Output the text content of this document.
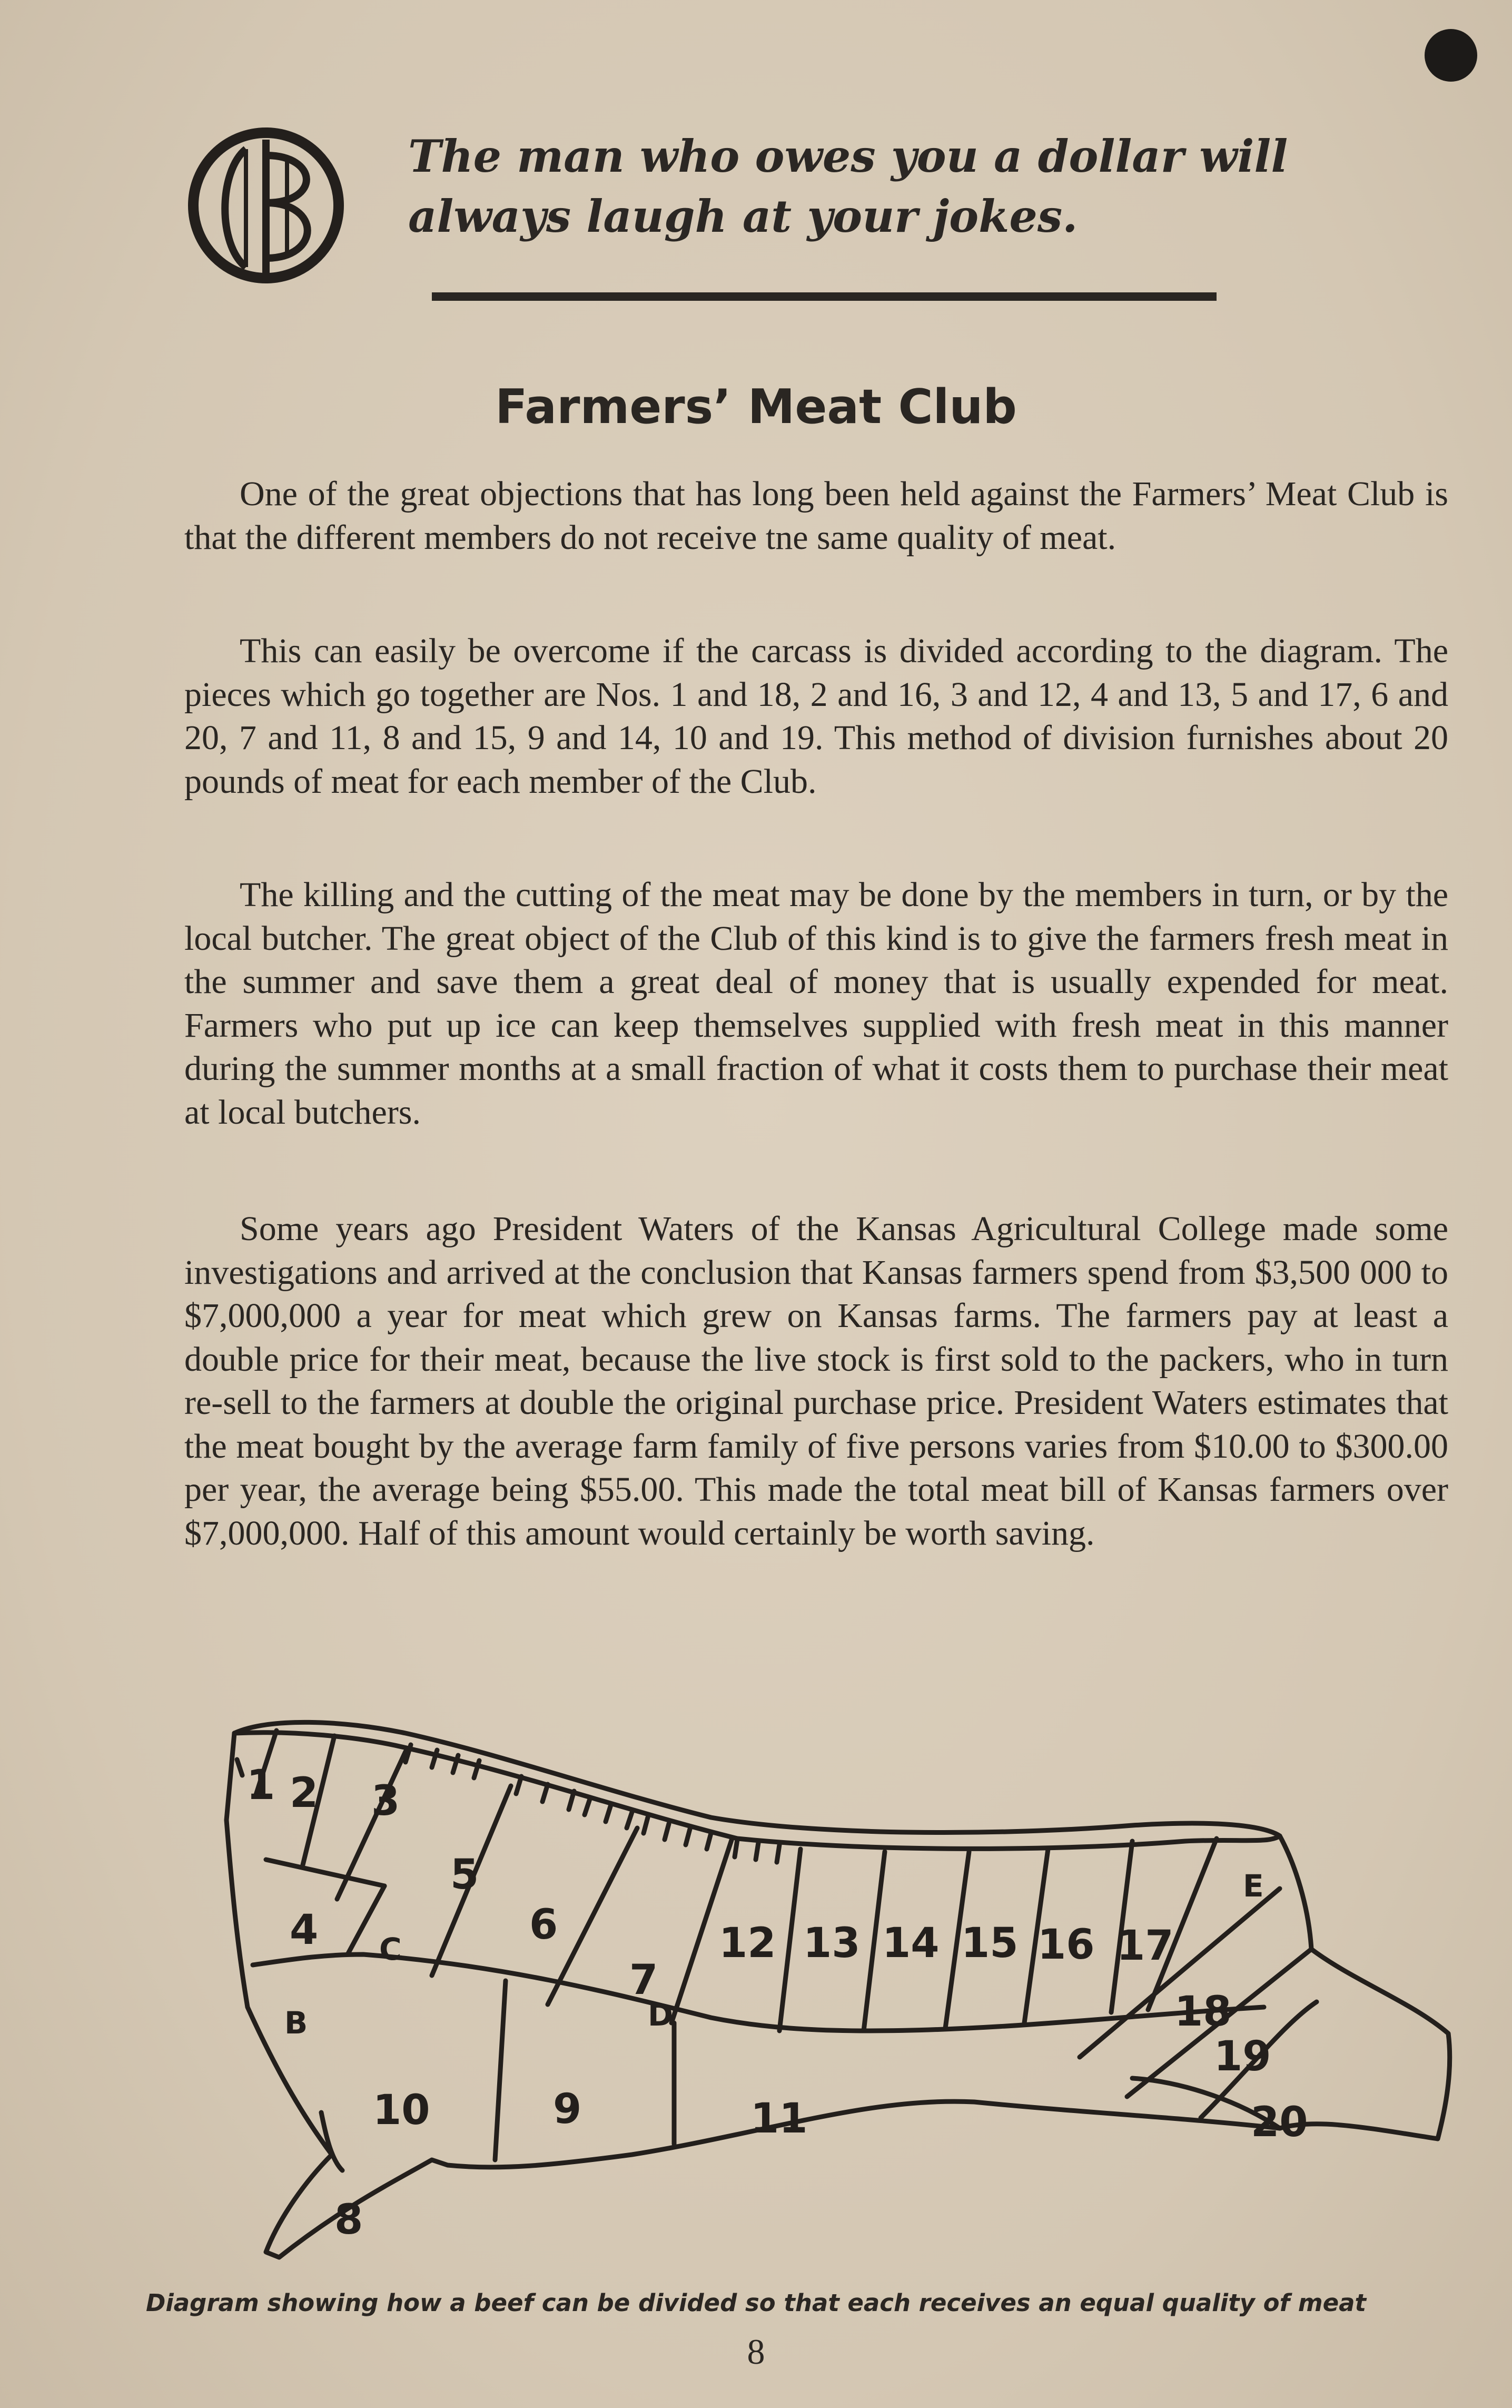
The man who owes you a dollar will always laugh at your jokes.
Farmers’ Meat Club

One of the great objections that has long been held against the Farmers’ Meat Club is that the different members do not receive tne same quality of meat.

This can easily be overcome if the carcass is divided according to the diagram. The pieces which go together are Nos. 1 and 18, 2 and 16, 3 and 12, 4 and 13, 5 and 17, 6 and 20, 7 and 11, 8 and 15, 9 and 14, 10 and 19. This method of division furnishes about 20 pounds of meat for each member of the Club.

The killing and the cutting of the meat may be done by the members in turn, or by the local butcher. The great object of the Club of this kind is to give the farmers fresh meat in the summer and save them a great deal of money that is usually expended for meat. Farmers who put up ice can keep themselves supplied with fresh meat in this manner during the summer months at a small fraction of what it costs them to purchase their meat at local butchers.

Some years ago President Waters of the Kansas Agricultural College made some investigations and arrived at the conclusion that Kansas farmers spend from $3,500 000 to $7,000,000 a year for meat which grew on Kansas farms. The farmers pay at least a double price for their meat, because the live stock is first sold to the packers, who in turn re-sell to the farmers at double the original purchase price. President Waters estimates that the meat bought by the average farm family of five persons varies from $10.00 to $300.00 per year, the average being $55.00. This made the total meat bill of Kansas farmers over $7,000,000. Half of this amount would certainly be worth saving.

1 2 3
4
5
6
7
8
9
10	11
12 13 14 15 16 17
18
19
20
B
C
D
E
Diagram showing how a beef can be divided so that each receives an equal quality of meat
8
